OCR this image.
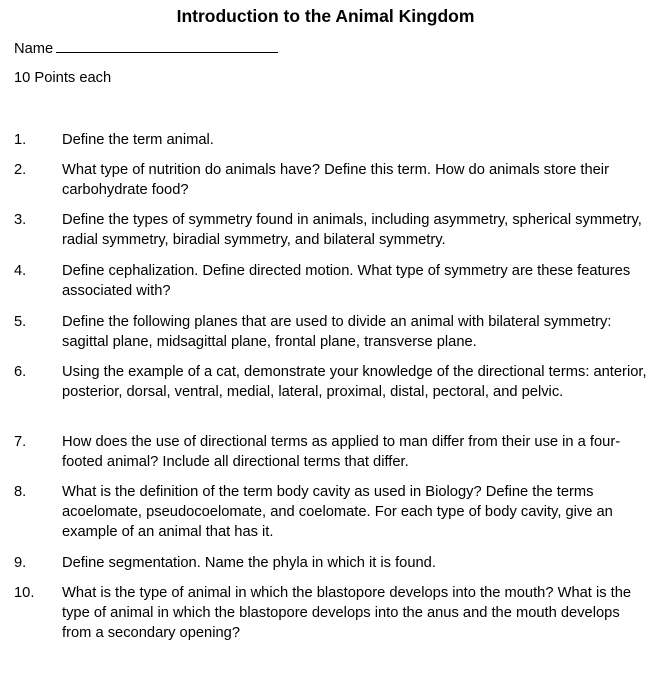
Introduction to the Animal Kingdom
Name
10 Points each
1. Define the term animal.
2. What type of nutrition do animals have? Define this term. How do animals store their carbohydrate food?
3. Define the types of symmetry found in animals, including asymmetry, spherical symmetry, radial symmetry, biradial symmetry, and bilateral symmetry.
4. Define cephalization. Define directed motion. What type of symmetry are these features associated with?
5. Define the following planes that are used to divide an animal with bilateral symmetry: sagittal plane, midsagittal plane, frontal plane, transverse plane.
6. Using the example of a cat, demonstrate your knowledge of the directional terms: anterior, posterior, dorsal, ventral, medial, lateral, proximal, distal, pectoral, and pelvic.
7. How does the use of directional terms as applied to man differ from their use in a four-footed animal? Include all directional terms that differ.
8. What is the definition of the term body cavity as used in Biology? Define the terms acoelomate, pseudocoelomate, and coelomate. For each type of body cavity, give an example of an animal that has it.
9. Define segmentation. Name the phyla in which it is found.
10. What is the type of animal in which the blastopore develops into the mouth? What is the type of animal in which the blastopore develops into the anus and the mouth develops from a secondary opening?
